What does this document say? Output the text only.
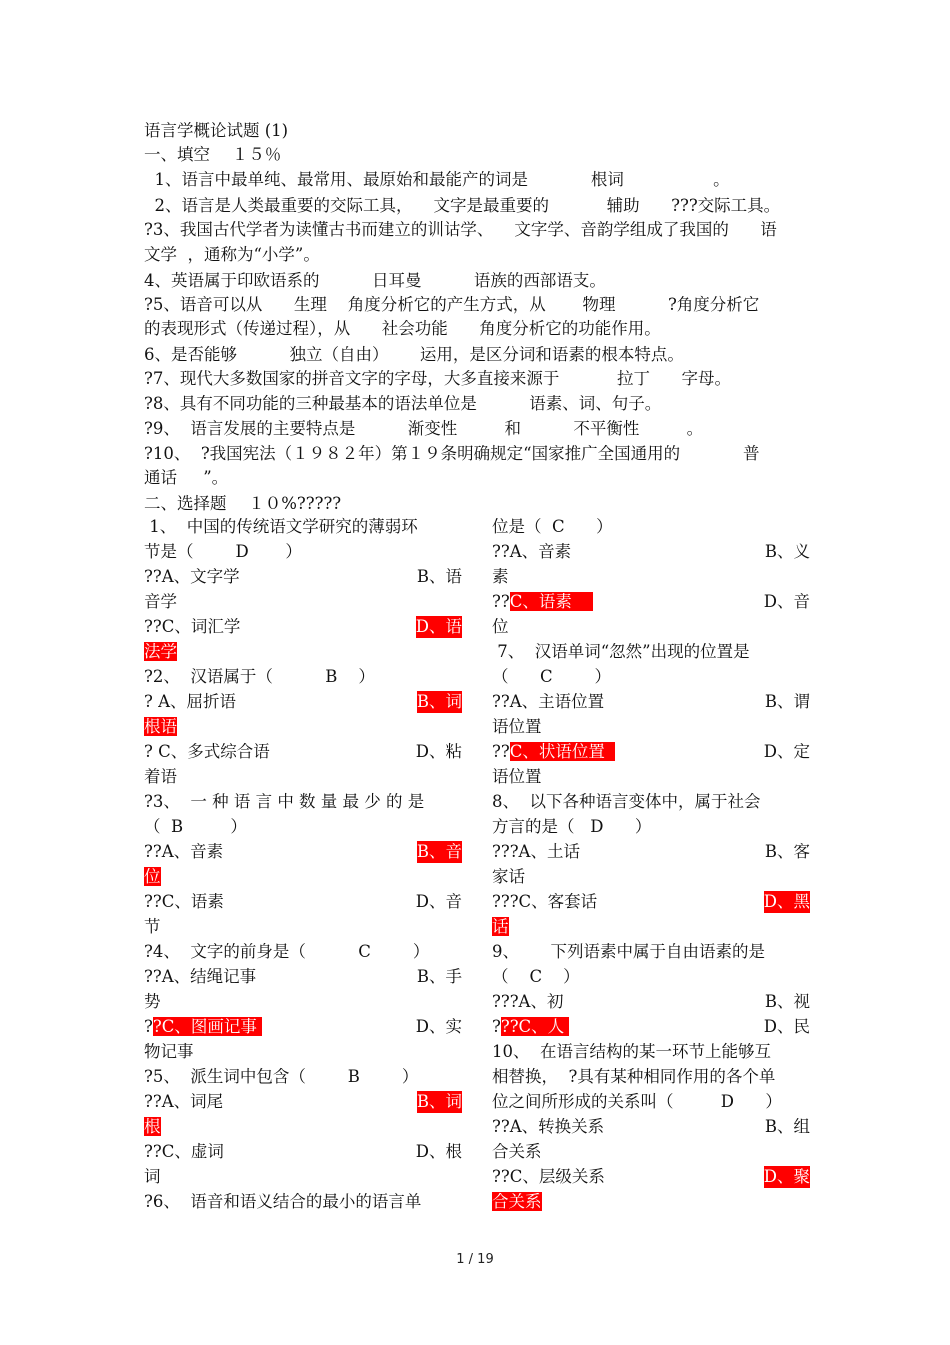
语言学概论试题 (1)
一、填空　 １５％
1、语言中最单纯、最常用、最原始和最能产的词是            根词                 。
2、语言是人类最重要的交际工具，    文字是最重要的           辅助      ???交际工具。
?3、我国古代学者为读懂古书而建立的训诂学、    文字学、音韵学组成了我国的      语
文学  ，通称为“小学”。
4、英语属于印欧语系的          日耳曼          语族的西部语支。
?5、语音可以从      生理    角度分析它的产生方式，从       物理          ?角度分析它
的表现形式（传递过程），从      社会功能      角度分析它的功能作用。
6、是否能够          独立（自由）      运用，是区分词和语素的根本特点。
?7、现代大多数国家的拼音文字的字母，大多直接来源于           拉丁      字母。
?8、具有不同功能的三种最基本的语法单位是          语素、词、句子。
?9、  语言发展的主要特点是          渐变性         和          不平衡性         。
?10、  ?我国宪法（１９８２年）第１９条明确规定“国家推广全国通用的            普
通话     ”。
二、选择题　 １０%?????
1、  中国的传统语文学研究的薄弱环
节是（        D       ）
??A、文字学	B、语
音学
??C、词汇学	D、语
法学
?2、  汉语属于（          B    ）
? A、屈折语	B、词
根语
? C、多式综合语	D、粘
着语
?3、  一 种 语 言 中 数 量 最 少 的 是
（  B         ）
??A、音素	B、音
位
??C、语素	D、音
节
?4、  文字的前身是（          C        ）
??A、结绳记事	B、手
势
??C、图画记事	D、实
物记事
?5、  派生词中包含（        B        ）
??A、词尾	B、词
根
??C、虚词	D、根
词
?6、  语音和语义结合的最小的语言单
位是（  C      ）
??A、音素	B、义
素
??C、语素	D、音
位
7、  汉语单词“忽然”出现的位置是
（      C        ）
??A、主语位置	B、谓
语位置
??C、状语位置	D、定
语位置
8、  以下各种语言变体中，属于社会
方言的是（   D      ）
???A、土话	B、客
家话
???C、客套话	D、黑
话
9、      下列语素中属于自由语素的是
（    C    ）
???A、初	B、视
???C、人	D、民
10、  在语言结构的某一环节上能够互
相替换，  ?具有某种相同作用的各个单
位之间所形成的关系叫（         D      ）
??A、转换关系	B、组
合关系
??C、层级关系	D、聚
合关系
1 / 19
